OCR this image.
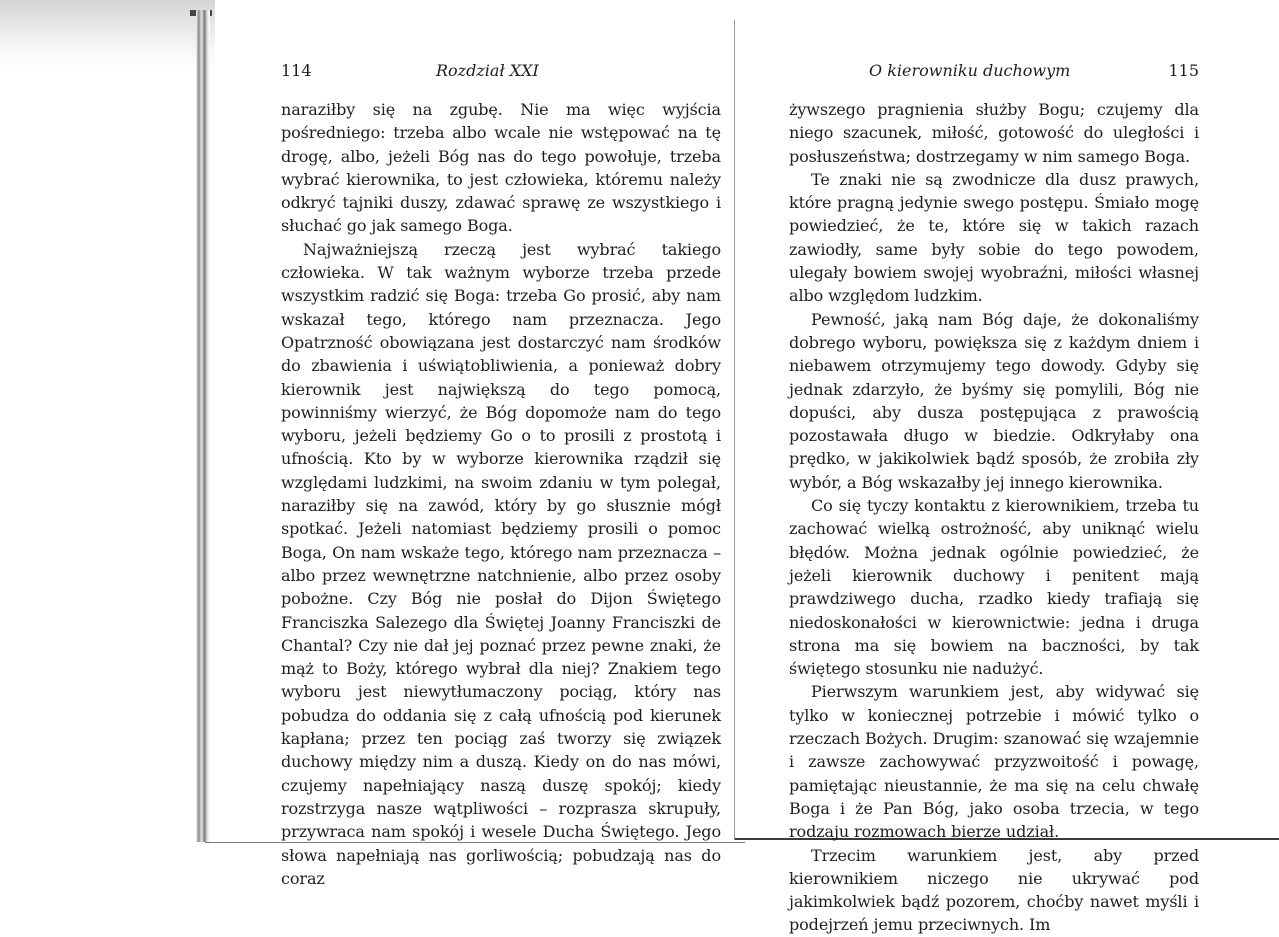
114	Rozdział XXI

naraziłby się na zgubę. Nie ma więc wyjścia pośredniego: trzeba albo wcale nie wstępować na tę drogę, albo, jeżeli Bóg nas do tego powołuje, trzeba wybrać kierownika, to jest człowieka, któremu należy odkryć tajniki duszy, zdawać sprawę ze wszystkiego i słuchać go jak samego Boga.

Najważniejszą rzeczą jest wybrać takiego człowieka. W tak ważnym wyborze trzeba przede wszystkim radzić się Boga: trzeba Go prosić, aby nam wskazał tego, którego nam przeznacza. Jego Opatrzność obowiązana jest dostarczyć nam środków do zbawienia i uświątobliwienia, a ponieważ dobry kierownik jest największą do tego pomocą, powinniśmy wierzyć, że Bóg dopomoże nam do tego wyboru, jeżeli będziemy Go o to prosili z prostotą i ufnością. Kto by w wyborze kierownika rządził się względami ludzkimi, na swoim zdaniu w tym polegał, naraziłby się na zawód, który by go słusznie mógł spotkać. Jeżeli natomiast będziemy prosili o pomoc Boga, On nam wskaże tego, którego nam przeznacza – albo przez wewnętrzne natchnienie, albo przez osoby pobożne. Czy Bóg nie posłał do Dijon Świętego Franciszka Salezego dla Świętej Joanny Franciszki de Chantal? Czy nie dał jej poznać przez pewne znaki, że mąż to Boży, którego wybrał dla niej? Znakiem tego wyboru jest niewytłumaczony pociąg, który nas pobudza do oddania się z całą ufnością pod kierunek kapłana; przez ten pociąg zaś tworzy się związek duchowy między nim a duszą. Kiedy on do nas mówi, czujemy napełniający naszą duszę spokój; kiedy rozstrzyga nasze wątpliwości – rozprasza skrupuły, przywraca nam spokój i wesele Ducha Świętego. Jego słowa napełniają nas gorliwością; pobudzają nas do coraz

O kierowniku duchowym	115

żywszego pragnienia służby Bogu; czujemy dla niego szacunek, miłość, gotowość do uległości i posłuszeństwa; dostrzegamy w nim samego Boga.

Te znaki nie są zwodnicze dla dusz prawych, które pragną jedynie swego postępu. Śmiało mogę powiedzieć, że te, które się w takich razach zawiodły, same były sobie do tego powodem, ulegały bowiem swojej wyobraźni, miłości własnej albo względom ludzkim.

Pewność, jaką nam Bóg daje, że dokonaliśmy dobrego wyboru, powiększa się z każdym dniem i niebawem otrzymujemy tego dowody. Gdyby się jednak zdarzyło, że byśmy się pomylili, Bóg nie dopuści, aby dusza postępująca z prawością pozostawała długo w biedzie. Odkryłaby ona prędko, w jakikolwiek bądź sposób, że zrobiła zły wybór, a Bóg wskazałby jej innego kierownika.

Co się tyczy kontaktu z kierownikiem, trzeba tu zachować wielką ostrożność, aby uniknąć wielu błędów. Można jednak ogólnie powiedzieć, że jeżeli kierownik duchowy i penitent mają prawdziwego ducha, rzadko kiedy trafiają się niedoskonałości w kierownictwie: jedna i druga strona ma się bowiem na baczności, by tak świętego stosunku nie nadużyć.

Pierwszym warunkiem jest, aby widywać się tylko w koniecznej potrzebie i mówić tylko o rzeczach Bożych. Drugim: szanować się wzajemnie i zawsze zachowywać przyzwoitość i powagę, pamiętając nieustannie, że ma się na celu chwałę Boga i że Pan Bóg, jako osoba trzecia, w tego rodzaju rozmowach bierze udział.

Trzecim warunkiem jest, aby przed kierownikiem niczego nie ukrywać pod jakimkolwiek bądź pozorem, choćby nawet myśli i podejrzeń jemu przeciwnych. Im
